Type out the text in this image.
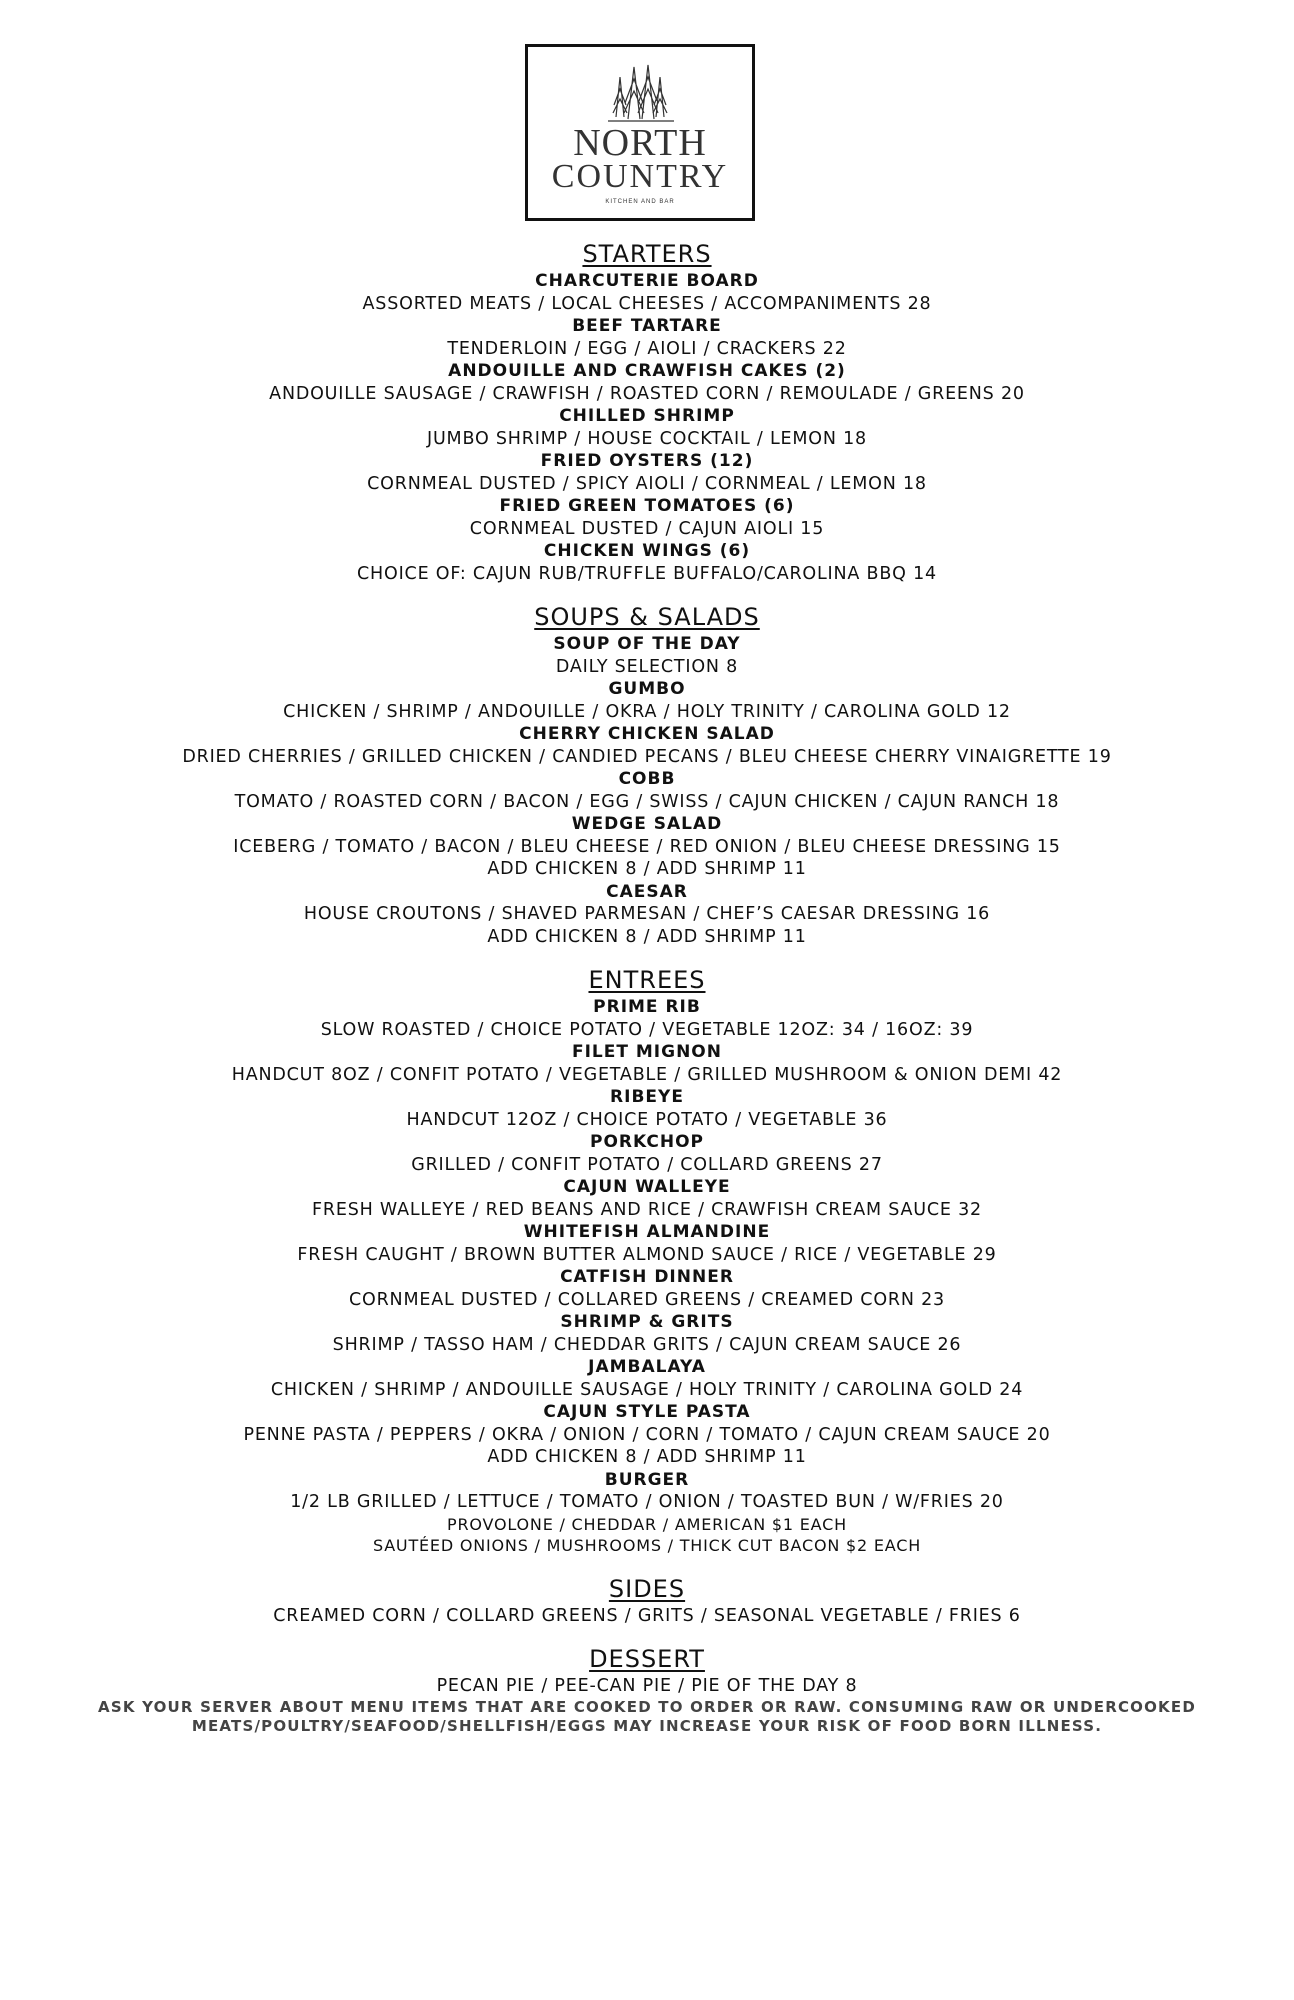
NORTH
COUNTRY
KITCHEN AND BAR
STARTERS
CHARCUTERIE BOARD
ASSORTED MEATS / LOCAL CHEESES / ACCOMPANIMENTS 28
BEEF TARTARE
TENDERLOIN / EGG / AIOLI / CRACKERS 22
ANDOUILLE AND CRAWFISH CAKES (2)
ANDOUILLE SAUSAGE / CRAWFISH / ROASTED CORN / REMOULADE / GREENS 20
CHILLED SHRIMP
JUMBO SHRIMP / HOUSE COCKTAIL / LEMON 18
FRIED OYSTERS (12)
CORNMEAL DUSTED / SPICY AIOLI / CORNMEAL / LEMON 18
FRIED GREEN TOMATOES (6)
CORNMEAL DUSTED / CAJUN AIOLI 15
CHICKEN WINGS (6)
CHOICE OF: CAJUN RUB/TRUFFLE BUFFALO/CAROLINA BBQ 14
SOUPS & SALADS
SOUP OF THE DAY
DAILY SELECTION 8
GUMBO
CHICKEN / SHRIMP / ANDOUILLE / OKRA / HOLY TRINITY / CAROLINA GOLD 12
CHERRY CHICKEN SALAD
DRIED CHERRIES / GRILLED CHICKEN / CANDIED PECANS / BLEU CHEESE CHERRY VINAIGRETTE 19
COBB
TOMATO / ROASTED CORN / BACON / EGG / SWISS / CAJUN CHICKEN / CAJUN RANCH 18
WEDGE SALAD
ICEBERG / TOMATO / BACON / BLEU CHEESE / RED ONION / BLEU CHEESE DRESSING 15
ADD CHICKEN 8 / ADD SHRIMP 11
CAESAR
HOUSE CROUTONS / SHAVED PARMESAN / CHEF’S CAESAR DRESSING 16
ADD CHICKEN 8 / ADD SHRIMP 11
ENTREES
PRIME RIB
SLOW ROASTED / CHOICE POTATO / VEGETABLE 12OZ: 34 / 16OZ: 39
FILET MIGNON
HANDCUT 8OZ / CONFIT POTATO / VEGETABLE / GRILLED MUSHROOM & ONION DEMI 42
RIBEYE
HANDCUT 12OZ / CHOICE POTATO / VEGETABLE 36
PORKCHOP
GRILLED / CONFIT POTATO / COLLARD GREENS 27
CAJUN WALLEYE
FRESH WALLEYE / RED BEANS AND RICE / CRAWFISH CREAM SAUCE 32
WHITEFISH ALMANDINE
FRESH CAUGHT / BROWN BUTTER ALMOND SAUCE / RICE / VEGETABLE 29
CATFISH DINNER
CORNMEAL DUSTED / COLLARED GREENS / CREAMED CORN 23
SHRIMP & GRITS
SHRIMP / TASSO HAM / CHEDDAR GRITS / CAJUN CREAM SAUCE 26
JAMBALAYA
CHICKEN / SHRIMP / ANDOUILLE SAUSAGE / HOLY TRINITY / CAROLINA GOLD 24
CAJUN STYLE PASTA
PENNE PASTA / PEPPERS / OKRA / ONION / CORN / TOMATO / CAJUN CREAM SAUCE 20
ADD CHICKEN 8 / ADD SHRIMP 11
BURGER
1/2 LB GRILLED / LETTUCE / TOMATO / ONION / TOASTED BUN / W/FRIES 20
PROVOLONE / CHEDDAR / AMERICAN $1 EACH
SAUTÉED ONIONS / MUSHROOMS / THICK CUT BACON $2 EACH
SIDES
CREAMED CORN / COLLARD GREENS / GRITS / SEASONAL VEGETABLE / FRIES 6
DESSERT
PECAN PIE / PEE-CAN PIE / PIE OF THE DAY 8
ASK YOUR SERVER ABOUT MENU ITEMS THAT ARE COOKED TO ORDER OR RAW. CONSUMING RAW OR UNDERCOOKED
MEATS/POULTRY/SEAFOOD/SHELLFISH/EGGS MAY INCREASE YOUR RISK OF FOOD BORN ILLNESS.
